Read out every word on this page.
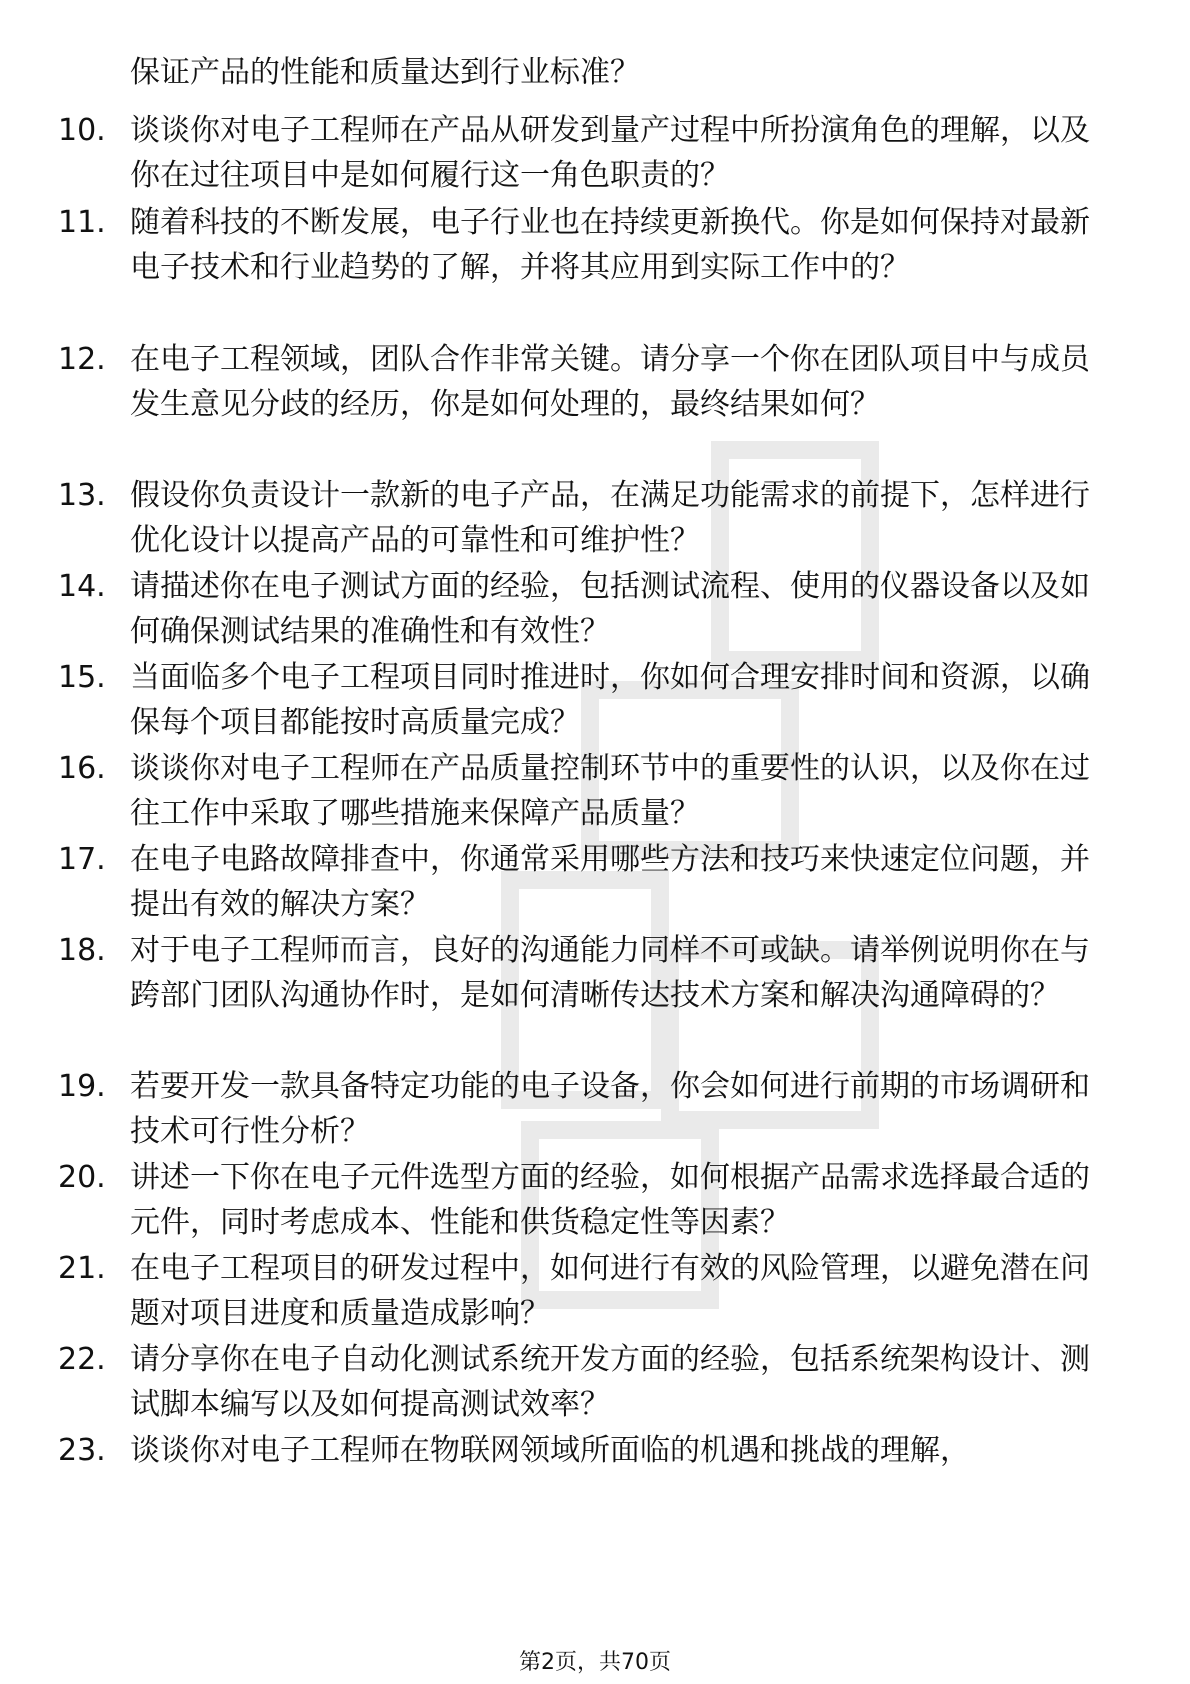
保证产品的性能和质量达到行业标准？
10. 谈谈你对电子工程师在产品从研发到量产过程中所扮演角色的理解，以及你在过往项目中是如何履行这一角色职责的？
11. 随着科技的不断发展，电子行业也在持续更新换代。你是如何保持对最新电子技术和行业趋势的了解，并将其应用到实际工作中的？
12. 在电子工程领域，团队合作非常关键。请分享一个你在团队项目中与成员发生意见分歧的经历，你是如何处理的，最终结果如何？
13. 假设你负责设计一款新的电子产品，在满足功能需求的前提下，怎样进行优化设计以提高产品的可靠性和可维护性？
14. 请描述你在电子测试方面的经验，包括测试流程、使用的仪器设备以及如何确保测试结果的准确性和有效性？
15. 当面临多个电子工程项目同时推进时，你如何合理安排时间和资源，以确保每个项目都能按时高质量完成？
16. 谈谈你对电子工程师在产品质量控制环节中的重要性的认识，以及你在过往工作中采取了哪些措施来保障产品质量？
17. 在电子电路故障排查中，你通常采用哪些方法和技巧来快速定位问题，并提出有效的解决方案？
18. 对于电子工程师而言，良好的沟通能力同样不可或缺。请举例说明你在与跨部门团队沟通协作时，是如何清晰传达技术方案和解决沟通障碍的？
19. 若要开发一款具备特定功能的电子设备，你会如何进行前期的市场调研和技术可行性分析？
20. 讲述一下你在电子元件选型方面的经验，如何根据产品需求选择最合适的元件，同时考虑成本、性能和供货稳定性等因素？
21. 在电子工程项目的研发过程中，如何进行有效的风险管理，以避免潜在问题对项目进度和质量造成影响？
22. 请分享你在电子自动化测试系统开发方面的经验，包括系统架构设计、测试脚本编写以及如何提高测试效率？
23. 谈谈你对电子工程师在物联网领域所面临的机遇和挑战的理解，
第2页，共70页
